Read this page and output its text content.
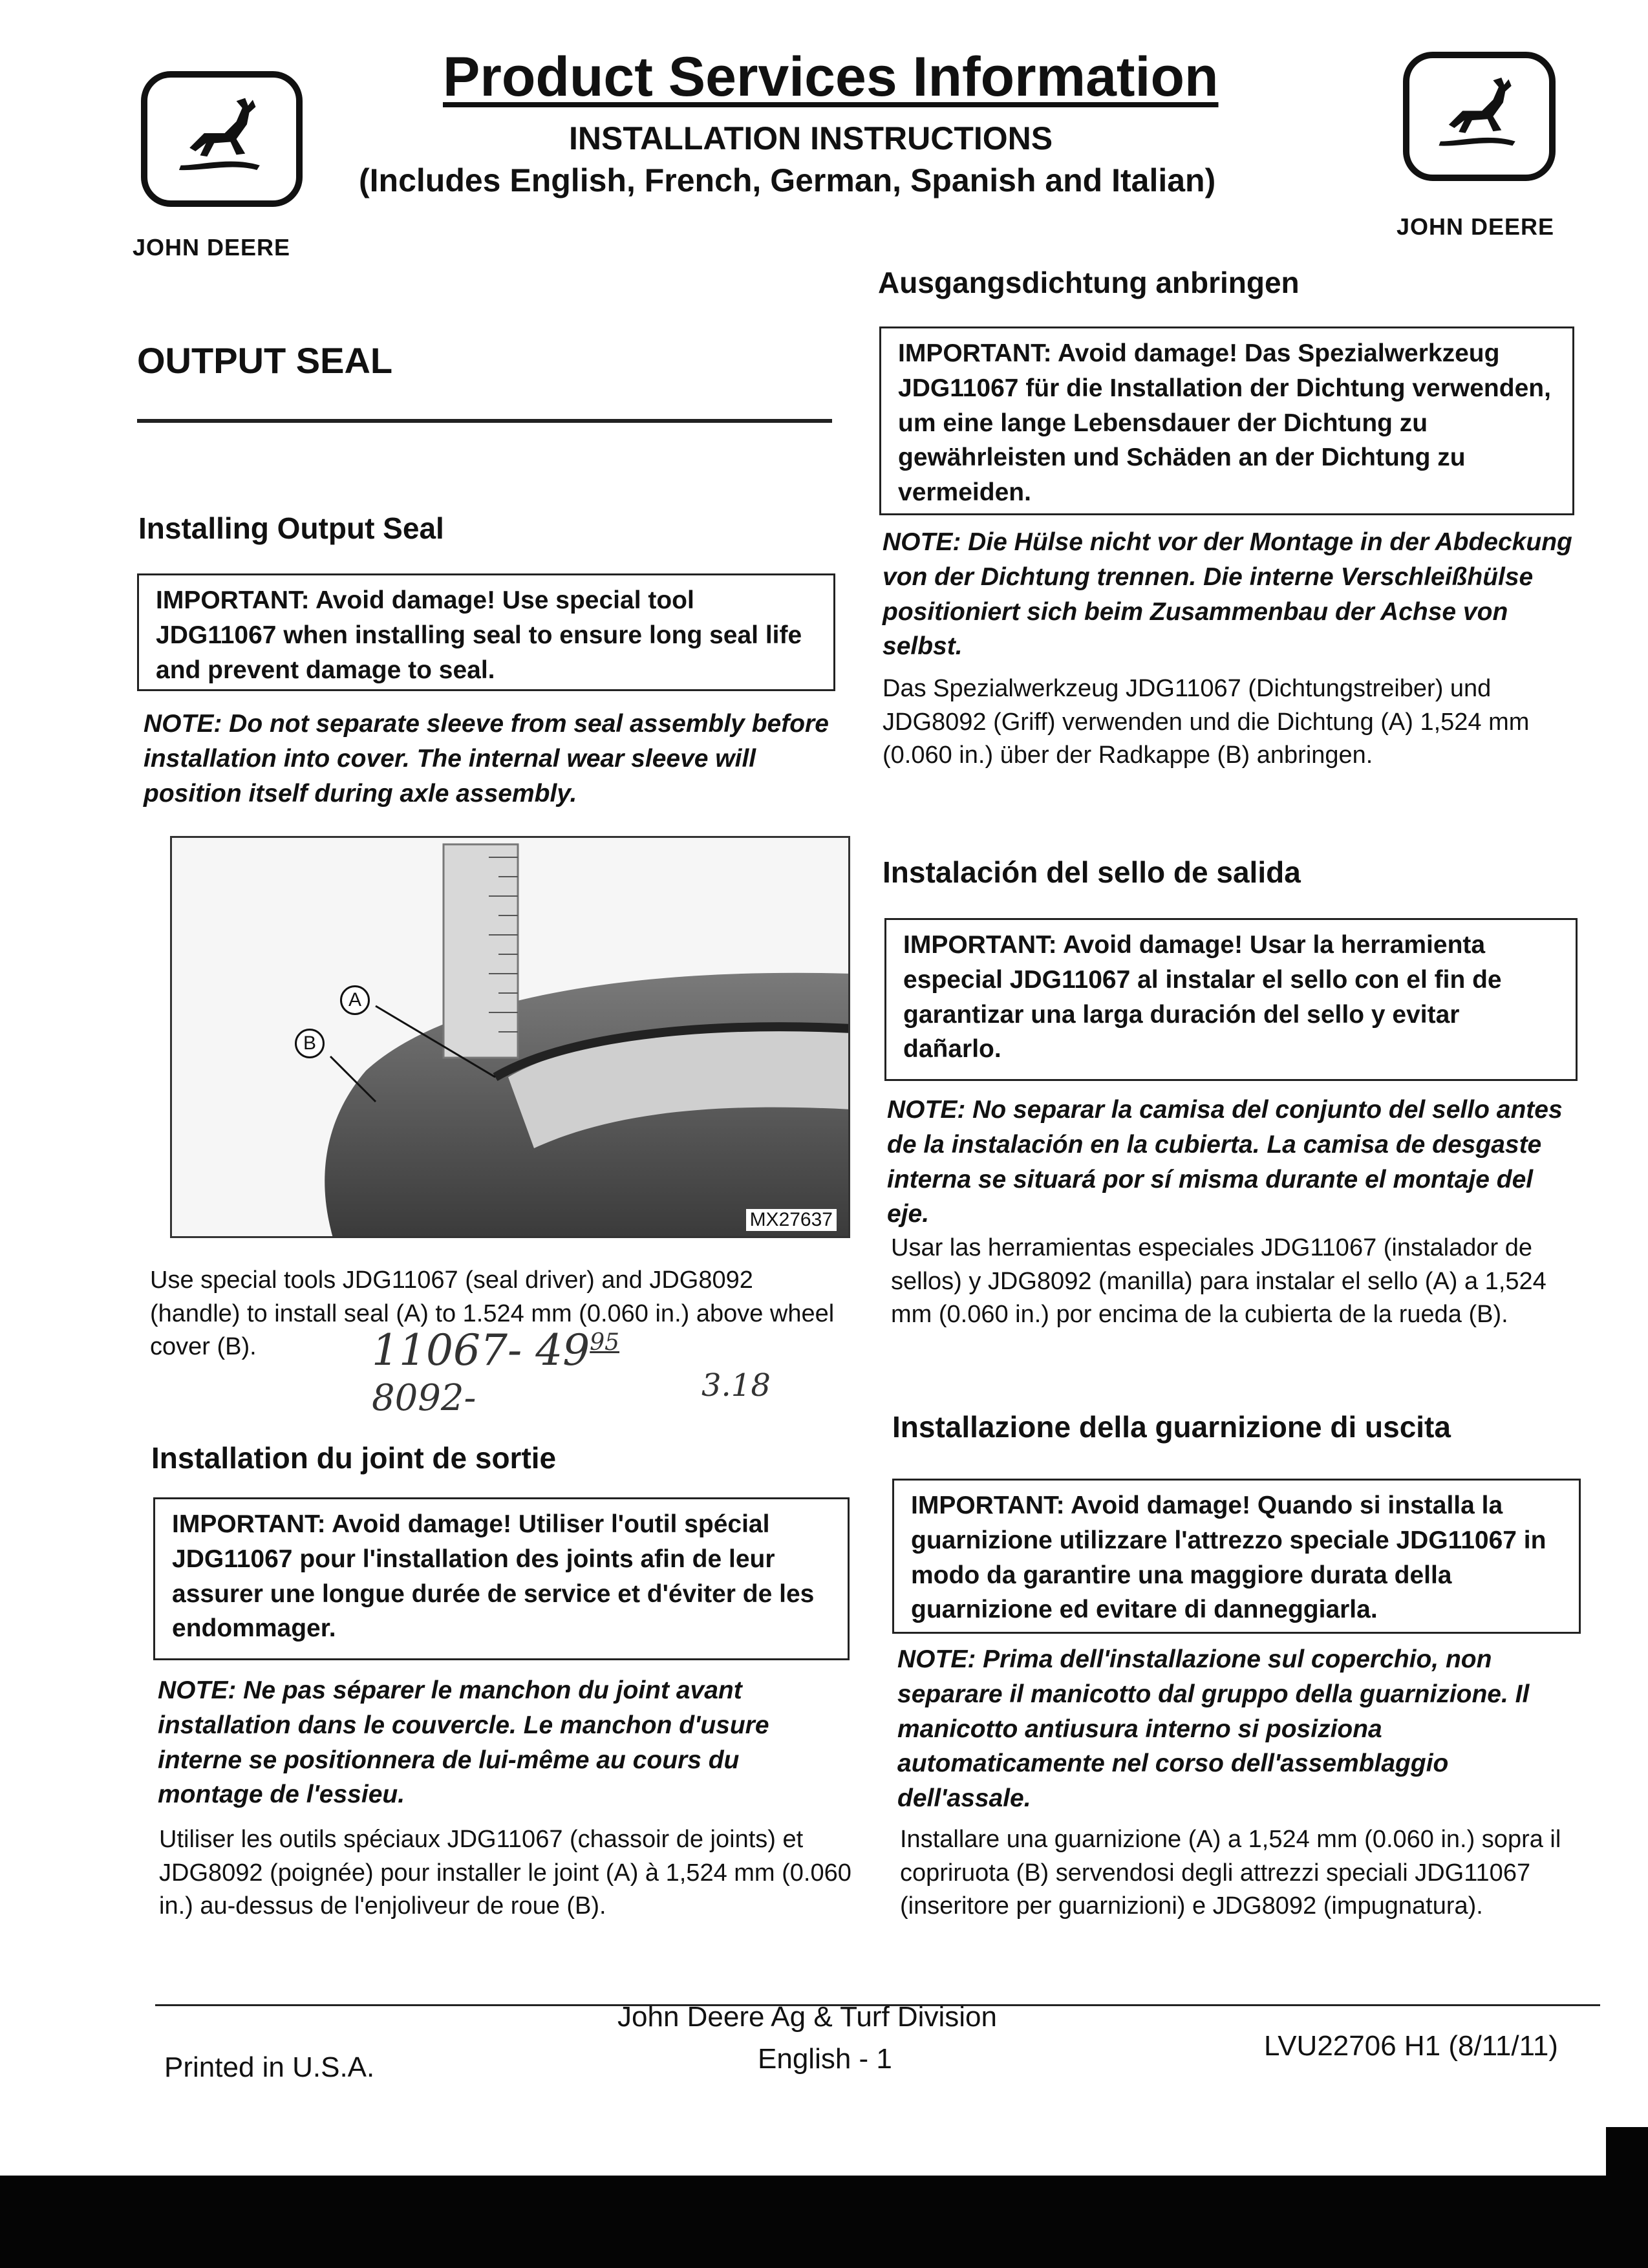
JOHN DEERE
JOHN DEERE
Product Services Information
INSTALLATION INSTRUCTIONS
(Includes English, French, German, Spanish and Italian)
OUTPUT SEAL
Installing Output Seal
IMPORTANT: Avoid damage! Use special tool JDG11067 when installing seal to ensure long seal life and prevent damage to seal.
NOTE: Do not separate sleeve from seal assembly before installation into cover. The internal wear sleeve will position itself during axle assembly.
A
B
MX27637
Use special tools JDG11067 (seal driver) and JDG8092 (handle) to install seal (A) to 1.524 mm (0.060 in.) above wheel cover (B).	11067- $49^{95}$
8092-	3.18
Installation du joint de sortie
IMPORTANT: Avoid damage! Utiliser l'outil spécial JDG11067 pour l'installation des joints afin de leur assurer une longue durée de service et d'éviter de les endommager.
NOTE: Ne pas séparer le manchon du joint avant installation dans le couvercle. Le manchon d'usure interne se positionnera de lui-même au cours du montage de l'essieu.
Utiliser les outils spéciaux JDG11067 (chassoir de joints) et JDG8092 (poignée) pour installer le joint (A) à 1,524 mm (0.060 in.) au-dessus de l'enjoliveur de roue (B).
Ausgangsdichtung anbringen
IMPORTANT: Avoid damage! Das Spezialwerkzeug JDG11067 für die Installation der Dichtung verwenden, um eine lange Lebensdauer der Dichtung zu gewährleisten und Schäden an der Dichtung zu vermeiden.
NOTE: Die Hülse nicht vor der Montage in der Abdeckung von der Dichtung trennen. Die interne Verschleißhülse positioniert sich beim Zusammenbau der Achse von selbst.
Das Spezialwerkzeug JDG11067 (Dichtungstreiber) und JDG8092 (Griff) verwenden und die Dichtung (A) 1,524 mm (0.060 in.) über der Radkappe (B) anbringen.
Instalación del sello de salida
IMPORTANT: Avoid damage! Usar la herramienta especial JDG11067 al instalar el sello con el fin de garantizar una larga duración del sello y evitar dañarlo.
NOTE: No separar la camisa del conjunto del sello antes de la instalación en la cubierta. La camisa de desgaste interna se situará por sí misma durante el montaje del eje.
Usar las herramientas especiales JDG11067 (instalador de sellos) y JDG8092 (manilla) para instalar el sello (A) a 1,524 mm (0.060 in.) por encima de la cubierta de la rueda (B).
Installazione della guarnizione di uscita
IMPORTANT: Avoid damage! Quando si installa la guarnizione utilizzare l'attrezzo speciale JDG11067 in modo da garantire una maggiore durata della guarnizione ed evitare di danneggiarla.
NOTE: Prima dell'installazione sul coperchio, non separare il manicotto dal gruppo della guarnizione. Il manicotto antiusura interno si posiziona automaticamente nel corso dell'assemblaggio dell'assale.
Installare una guarnizione (A) a 1,524 mm (0.060 in.) sopra il copriruota (B) servendosi degli attrezzi speciali JDG11067 (inseritore per guarnizioni) e JDG8092 (impugnatura).
Printed in U.S.A.
John Deere Ag & Turf Division
English - 1	LVU22706 H1 (8/11/11)
